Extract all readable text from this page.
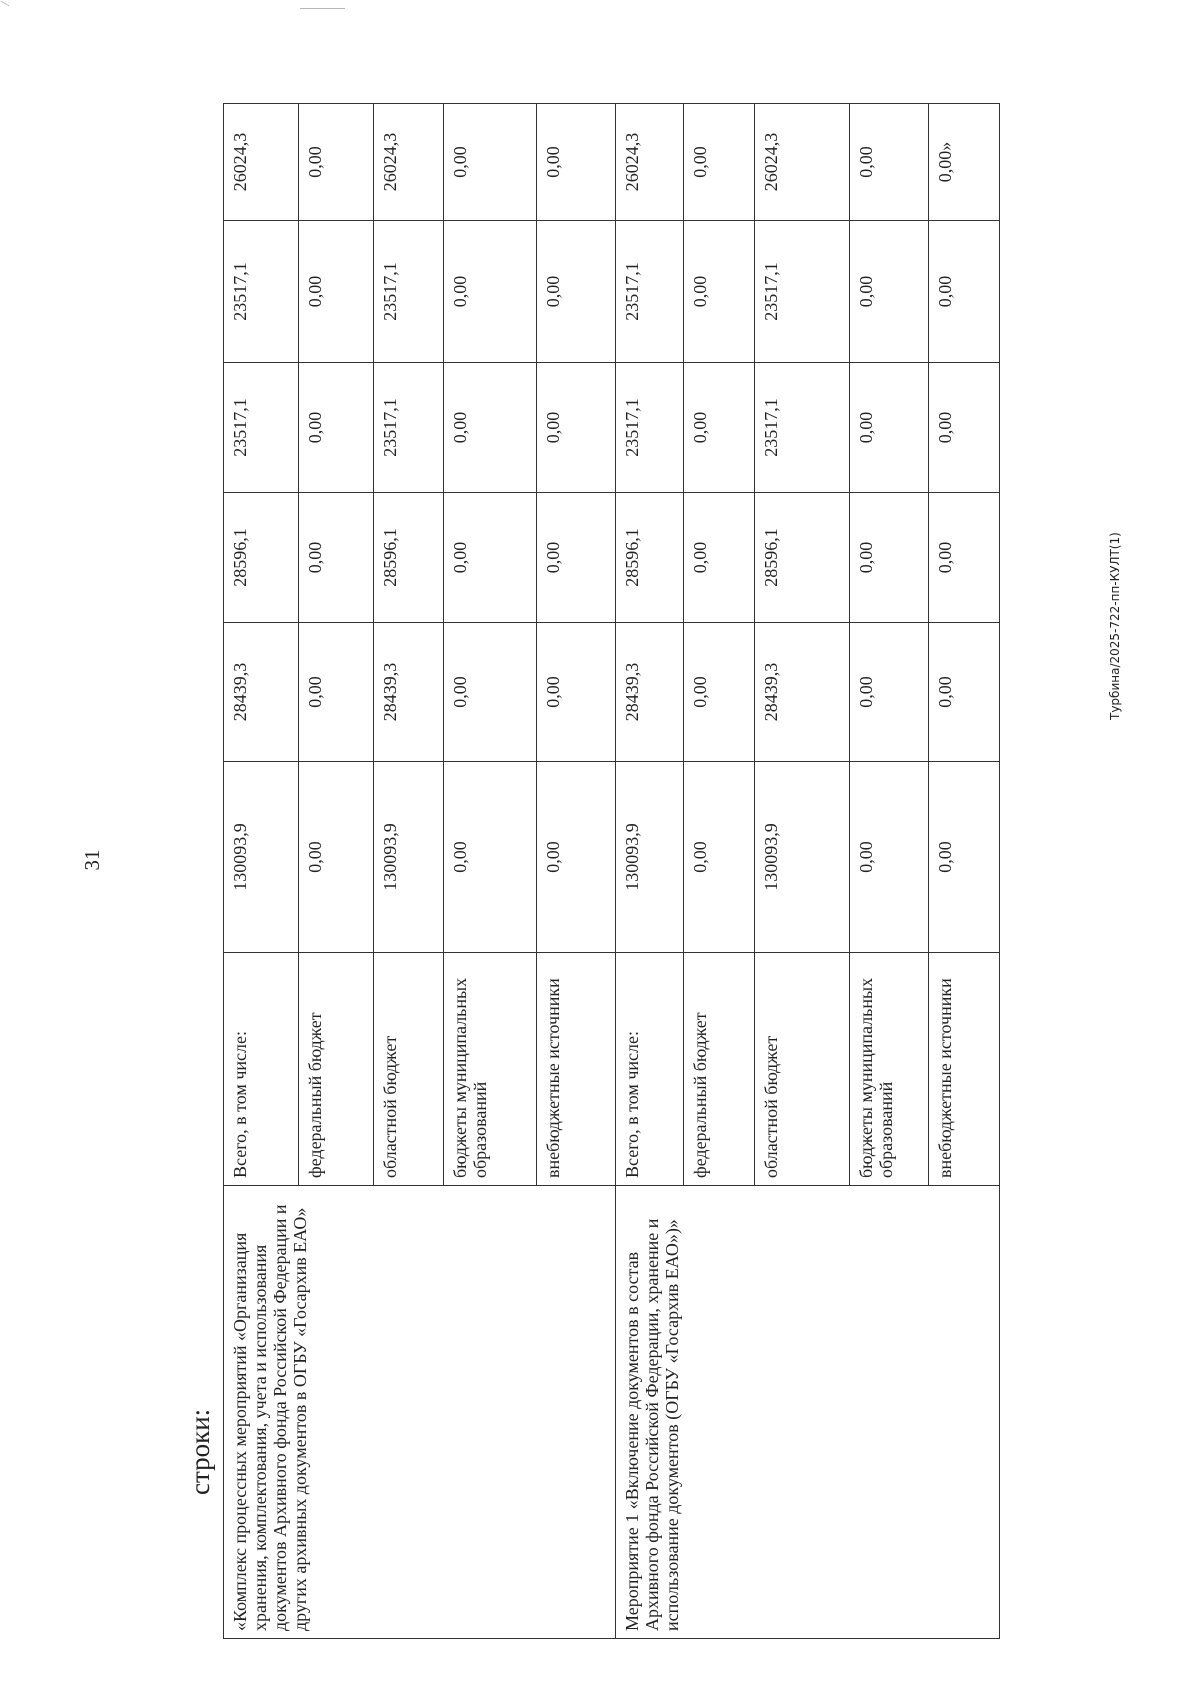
31
строки:
Турбина/2025-722-пп-КУЛТ(1)
«Комплекс процессных мероприятий «Организация хранения, комплектования, учета и использования документов Архивного фонда Российской Федерации и других архивных документов в ОГБУ «Госархив ЕАО»	Всего, в том числе:	130093,9	28439,3	28596,1	23517,1	23517,1	26024,3
	федеральный бюджет	0,00	0,00	0,00	0,00	0,00	0,00
	областной бюджет	130093,9	28439,3	28596,1	23517,1	23517,1	26024,3
	бюджеты муниципальных образований	0,00	0,00	0,00	0,00	0,00	0,00
	внебюджетные источники	0,00	0,00	0,00	0,00	0,00	0,00
Мероприятие 1 «Включение документов в состав Архивного фонда Российской Федерации, хранение и использование документов (ОГБУ «Госархив ЕАО»)»	Всего, в том числе:	130093,9	28439,3	28596,1	23517,1	23517,1	26024,3
	федеральный бюджет	0,00	0,00	0,00	0,00	0,00	0,00
	областной бюджет	130093,9	28439,3	28596,1	23517,1	23517,1	26024,3
	бюджеты муниципальных образований	0,00	0,00	0,00	0,00	0,00	0,00
	внебюджетные источники	0,00	0,00	0,00	0,00	0,00	0,00»
